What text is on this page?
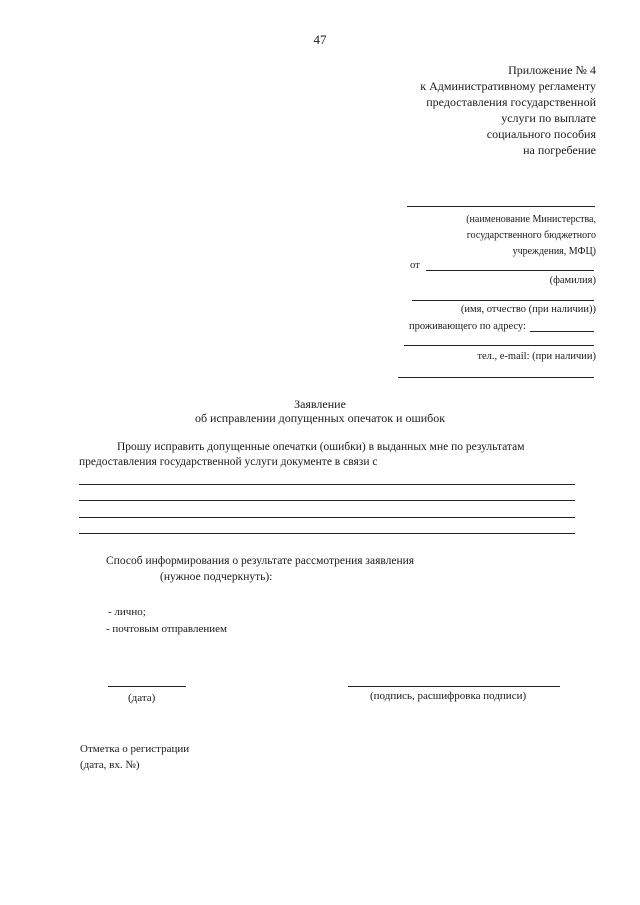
47
Приложение № 4
к Административному регламенту
предоставления государственной
услуги по выплате
социального пособия
на погребение
(наименование Министерства,
государственного бюджетного
учреждения, МФЦ)
от
(фамилия)
(имя, отчество (при наличии))
проживающего по адресу:
тел., e-mail: (при наличии)
Заявление
об исправлении допущенных опечаток и ошибок
Прошу исправить допущенные опечатки (ошибки) в выданных мне по результатам
предоставления государственной услуги документе в связи с
Способ информирования о результате рассмотрения заявления
(нужное подчеркнуть):
- лично;
- почтовым отправлением
(дата)	(подпись, расшифровка подписи)
Отметка о регистрации
(дата, вх. №)
